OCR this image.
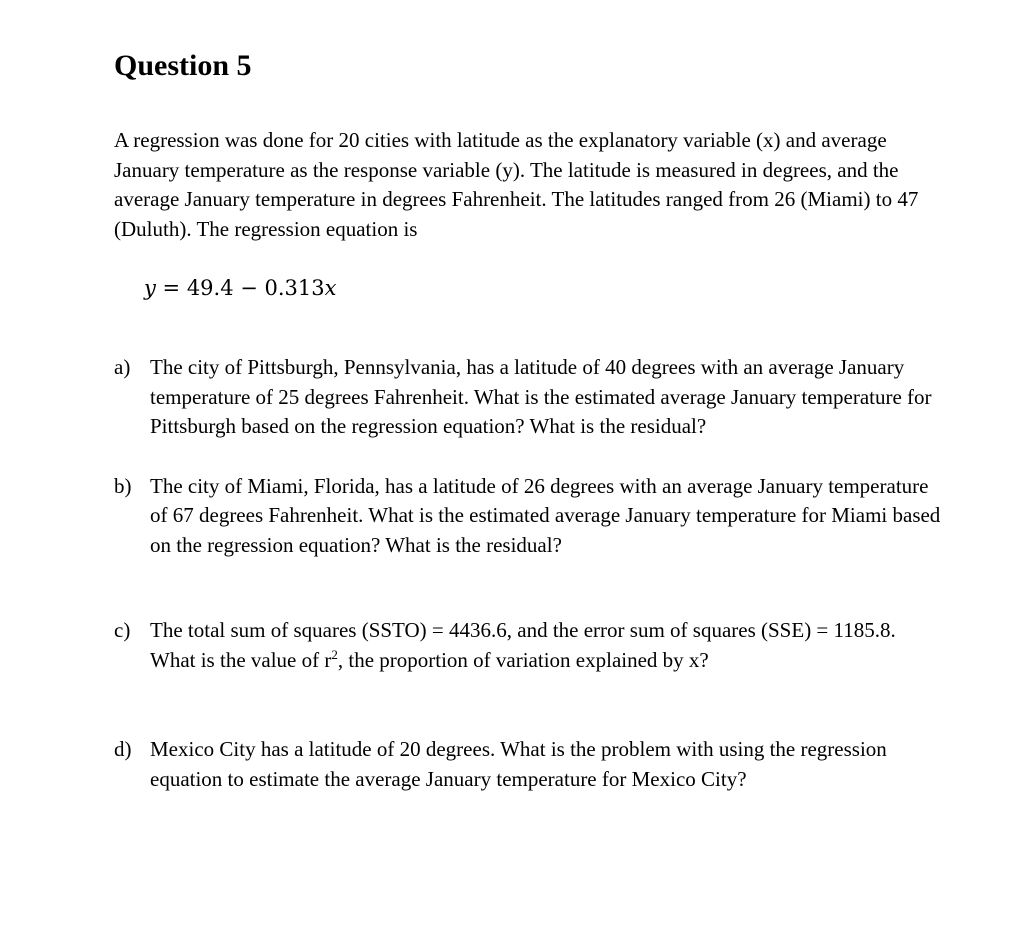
Question 5

A regression was done for 20 cities with latitude as the explanatory variable (x) and average January temperature as the response variable (y). The latitude is measured in degrees, and the average January temperature in degrees Fahrenheit. The latitudes ranged from 26 (Miami) to 47 (Duluth). The regression equation is

y = 49.4 − 0.313x
a) The city of Pittsburgh, Pennsylvania, has a latitude of 40 degrees with an average January temperature of 25 degrees Fahrenheit. What is the estimated average January temperature for Pittsburgh based on the regression equation? What is the residual?
b) The city of Miami, Florida, has a latitude of 26 degrees with an average January temperature of 67 degrees Fahrenheit. What is the estimated average January temperature for Miami based on the regression equation? What is the residual?
c) The total sum of squares (SSTO) = 4436.6, and the error sum of squares (SSE) = 1185.8. What is the value of $r^2$, the proportion of variation explained by x?
d) Mexico City has a latitude of 20 degrees. What is the problem with using the regression equation to estimate the average January temperature for Mexico City?
